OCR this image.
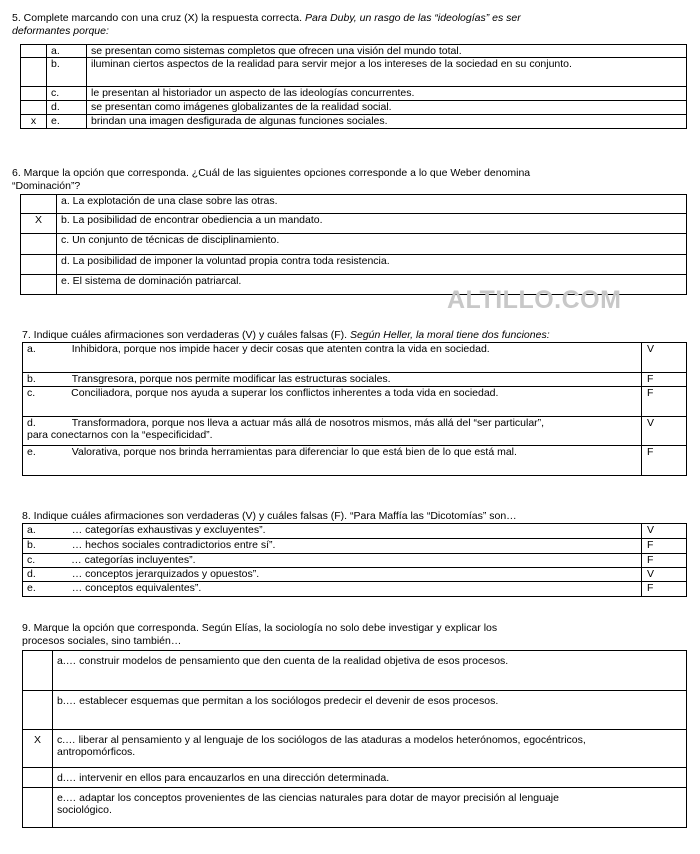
5. Complete marcando con una cruz (X) la respuesta correcta. Para Duby, un rasgo de las “ideologías” es ser
deformantes porque:
	a.	se presentan como sistemas completos que ofrecen una visión del mundo total.
	b.	iluminan ciertos aspectos de la realidad para servir mejor a los intereses de la sociedad en su conjunto.
	c.	le presentan al historiador un aspecto de las ideologías concurrentes.
	d.	se presentan como imágenes globalizantes de la realidad social.
x	e.	brindan una imagen desfigurada de algunas funciones sociales.
6. Marque la opción que corresponda. ¿Cuál de las siguientes opciones corresponde a lo que Weber denomina
“Dominación”?
	a. La explotación de una clase sobre las otras.
X	b. La posibilidad de encontrar obediencia a un mandato.
	c. Un conjunto de técnicas de disciplinamiento.
	d. La posibilidad de imponer la voluntad propia contra toda resistencia.
	e. El sistema de dominación patriarcal.
ALTILLO.COM
7. Indique cuáles afirmaciones son verdaderas (V) y cuáles falsas (F). Según Heller, la moral tiene dos funciones:
a. Inhibidora, porque nos impide hacer y decir cosas que atenten contra la vida en sociedad.	V
b. Transgresora, porque nos permite modificar las estructuras sociales.	F
c. Conciliadora, porque nos ayuda a superar los conflictos inherentes a toda vida en sociedad.	F
d. Transformadora, porque nos lleva a actuar más allá de nosotros mismos, más allá del “ser particular”,
para conectarnos con la “especificidad”.	V
e. Valorativa, porque nos brinda herramientas para diferenciar lo que está bien de lo que está mal.	F
8. Indique cuáles afirmaciones son verdaderas (V) y cuáles falsas (F). “Para Maffía las “Dicotomías” son…
a. … categorías exhaustivas y excluyentes”.	V
b. … hechos sociales contradictorios entre sí”.	F
c. … categorías incluyentes”.	F
d. … conceptos jerarquizados y opuestos”.	V
e. … conceptos equivalentes”.	F
9. Marque la opción que corresponda. Según Elías, la sociología no solo debe investigar y explicar los
procesos sociales, sino también…
	a.… construir modelos de pensamiento que den cuenta de la realidad objetiva de esos procesos.
	b.… establecer esquemas que permitan a los sociólogos predecir el devenir de esos procesos.
X	c.… liberar al pensamiento y al lenguaje de los sociólogos de las ataduras a modelos heterónomos, egocéntricos,
antropomórficos.
	d.… intervenir en ellos para encauzarlos en una dirección determinada.
	e.… adaptar los conceptos provenientes de las ciencias naturales para dotar de mayor precisión al lenguaje
sociológico.
